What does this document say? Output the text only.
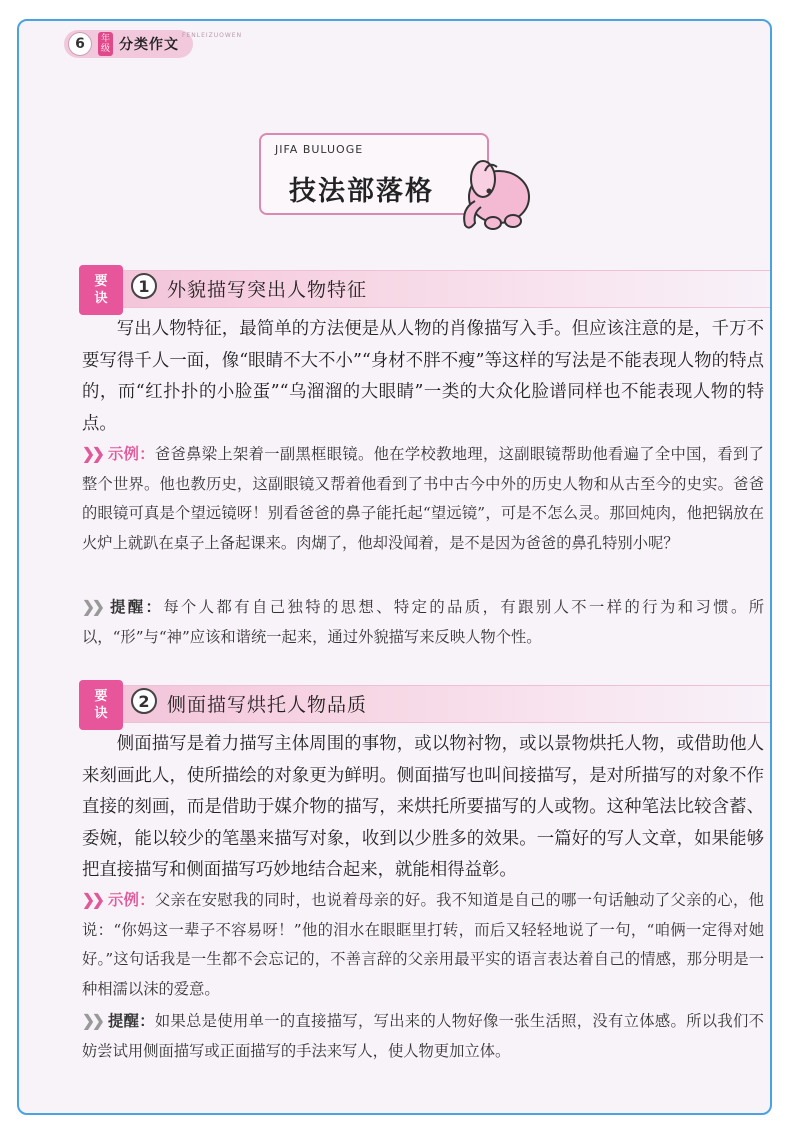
6	年级 分类作文
FENLEIZUOWEN
JIFA BULUOGE
技法部落格
要
诀
1 外貌描写突出人物特征

写出人物特征，最简单的方法便是从人物的肖像描写入手。但应该注意的是，千万不要写得千人一面，像“眼睛不大不小”“身材不胖不瘦”等这样的写法是不能表现人物的特点的，而“红扑扑的小脸蛋”“乌溜溜的大眼睛”一类的大众化脸谱同样也不能表现人物的特点。

❯❯ 示例：爸爸鼻梁上架着一副黑框眼镜。他在学校教地理，这副眼镜帮助他看遍了全中国，看到了整个世界。他也教历史，这副眼镜又帮着他看到了书中古今中外的历史人物和从古至今的史实。爸爸的眼镜可真是个望远镜呀！别看爸爸的鼻子能托起“望远镜”，可是不怎么灵。那回炖肉，他把锅放在火炉上就趴在桌子上备起课来。肉煳了，他却没闻着，是不是因为爸爸的鼻孔特别小呢？

❯❯ 提醒：每个人都有自己独特的思想、特定的品质，有跟别人不一样的行为和习惯。所以，“形”与“神”应该和谐统一起来，通过外貌描写来反映人物个性。

要
诀
2 侧面描写烘托人物品质

侧面描写是着力描写主体周围的事物，或以物衬物，或以景物烘托人物，或借助他人来刻画此人，使所描绘的对象更为鲜明。侧面描写也叫间接描写，是对所描写的对象不作直接的刻画，而是借助于媒介物的描写，来烘托所要描写的人或物。这种笔法比较含蓄、委婉，能以较少的笔墨来描写对象，收到以少胜多的效果。一篇好的写人文章，如果能够把直接描写和侧面描写巧妙地结合起来，就能相得益彰。

❯❯ 示例：父亲在安慰我的同时，也说着母亲的好。我不知道是自己的哪一句话触动了父亲的心，他说：“你妈这一辈子不容易呀！”他的泪水在眼眶里打转，而后又轻轻地说了一句，“咱俩一定得对她好。”这句话我是一生都不会忘记的，不善言辞的父亲用最平实的语言表达着自己的情感，那分明是一种相濡以沫的爱意。

❯❯ 提醒：如果总是使用单一的直接描写，写出来的人物好像一张生活照，没有立体感。所以我们不妨尝试用侧面描写或正面描写的手法来写人，使人物更加立体。
